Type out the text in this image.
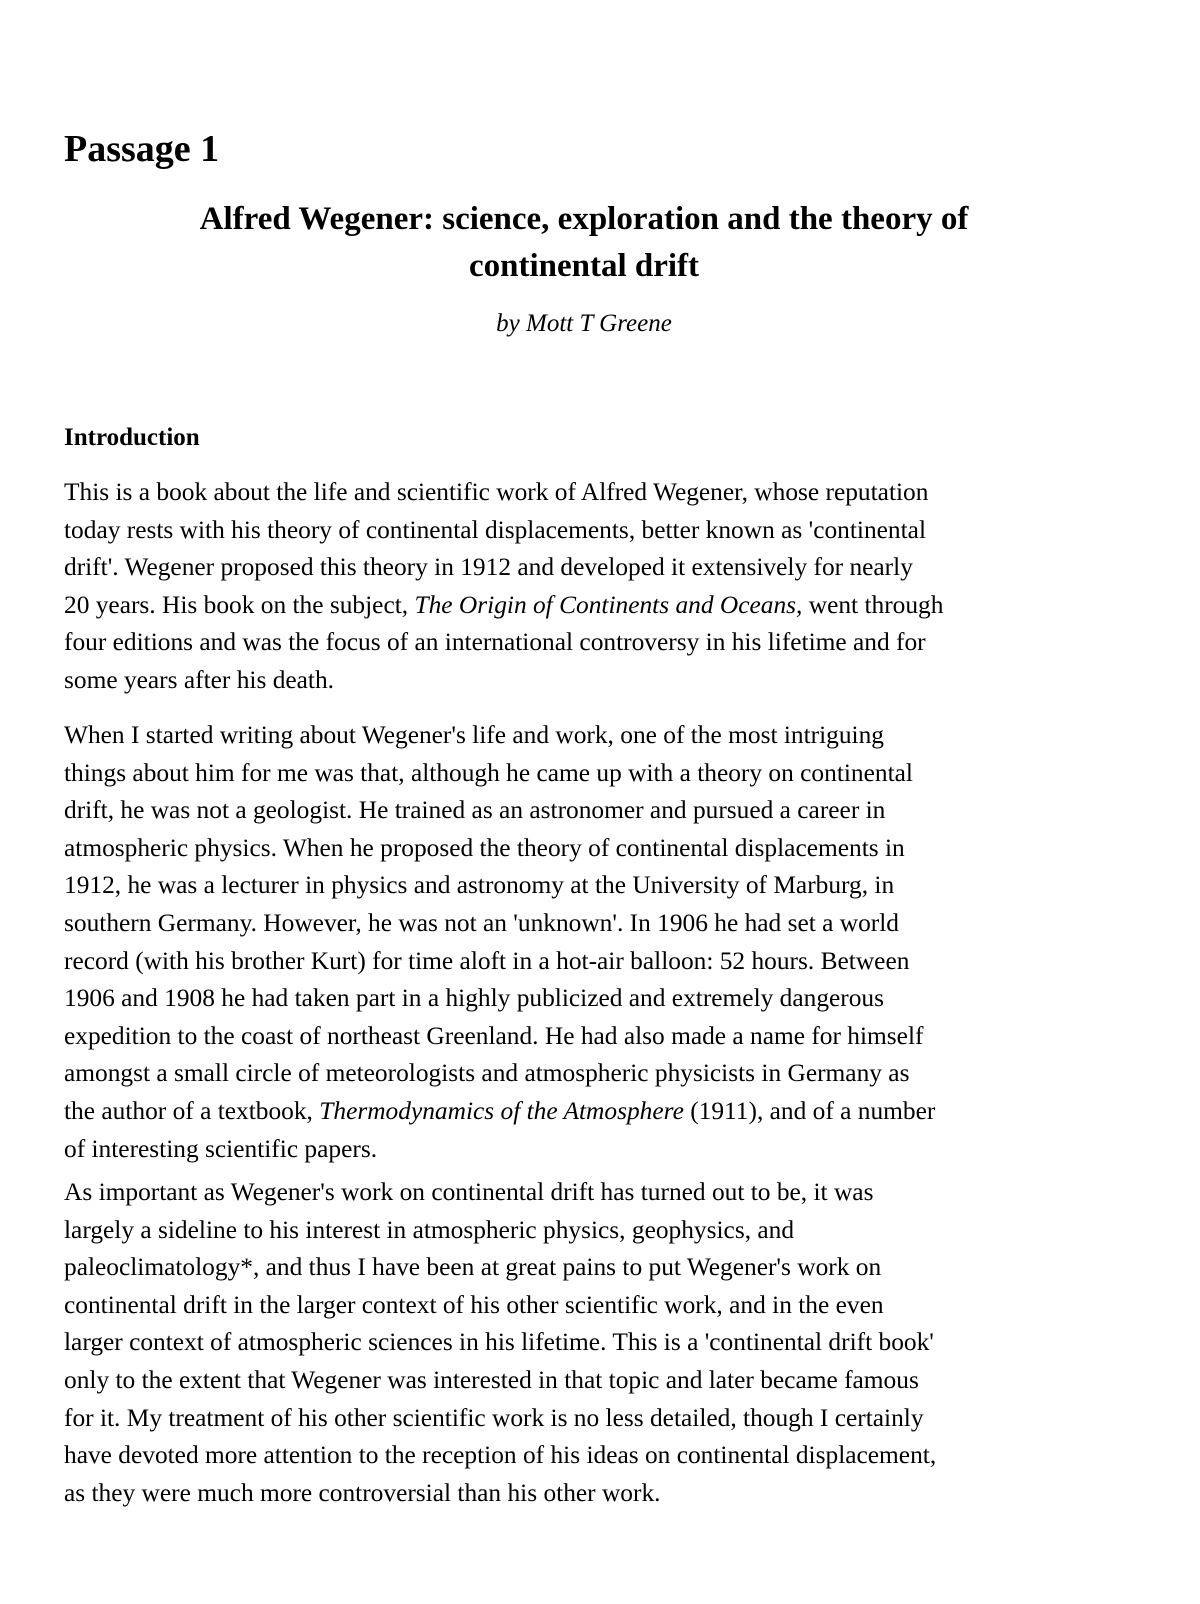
Passage 1
Alfred Wegener: science, exploration and the theory of
continental drift
by Mott T Greene
Introduction

This is a book about the life and scientific work of Alfred Wegener, whose reputation
today rests with his theory of continental displacements, better known as 'continental
drift'. Wegener proposed this theory in 1912 and developed it extensively for nearly
20 years. His book on the subject, The Origin of Continents and Oceans, went through
four editions and was the focus of an international controversy in his lifetime and for
some years after his death.

When I started writing about Wegener's life and work, one of the most intriguing
things about him for me was that, although he came up with a theory on continental
drift, he was not a geologist. He trained as an astronomer and pursued a career in
atmospheric physics. When he proposed the theory of continental displacements in
1912, he was a lecturer in physics and astronomy at the University of Marburg, in
southern Germany. However, he was not an 'unknown'. In 1906 he had set a world
record (with his brother Kurt) for time aloft in a hot-air balloon: 52 hours. Between
1906 and 1908 he had taken part in a highly publicized and extremely dangerous
expedition to the coast of northeast Greenland. He had also made a name for himself
amongst a small circle of meteorologists and atmospheric physicists in Germany as
the author of a textbook, Thermodynamics of the Atmosphere (1911), and of a number
of interesting scientific papers.

As important as Wegener's work on continental drift has turned out to be, it was
largely a sideline to his interest in atmospheric physics, geophysics, and
paleoclimatology*, and thus I have been at great pains to put Wegener's work on
continental drift in the larger context of his other scientific work, and in the even
larger context of atmospheric sciences in his lifetime. This is a 'continental drift book'
only to the extent that Wegener was interested in that topic and later became famous
for it. My treatment of his other scientific work is no less detailed, though I certainly
have devoted more attention to the reception of his ideas on continental displacement,
as they were much more controversial than his other work.
